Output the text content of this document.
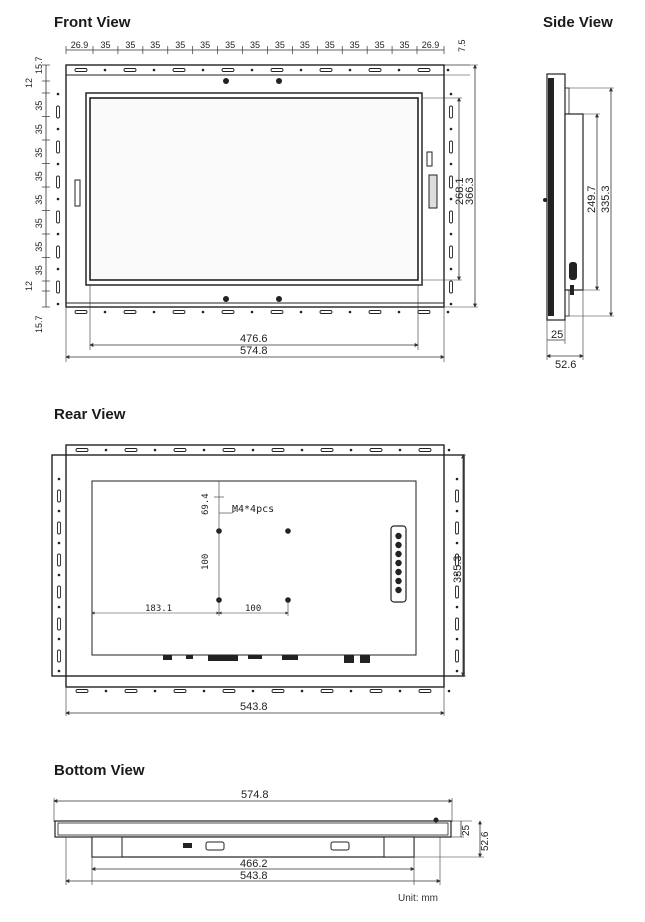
Front View	Side View
Rear View
Bottom View
Unit: mm
26.9 35 35 35 35 35 35 35 35 35 35 35 35 35 26.9 7.5
15.7
12
35
35
35
35
35
35
35
35
12
15.7
268.1
366.3
476.6
574.8
249.7 335.3
25
52.6
69.4 M4*4pcs
100
183.1	100
335.3
543.8
574.8
25
52.6
466.2
543.8
